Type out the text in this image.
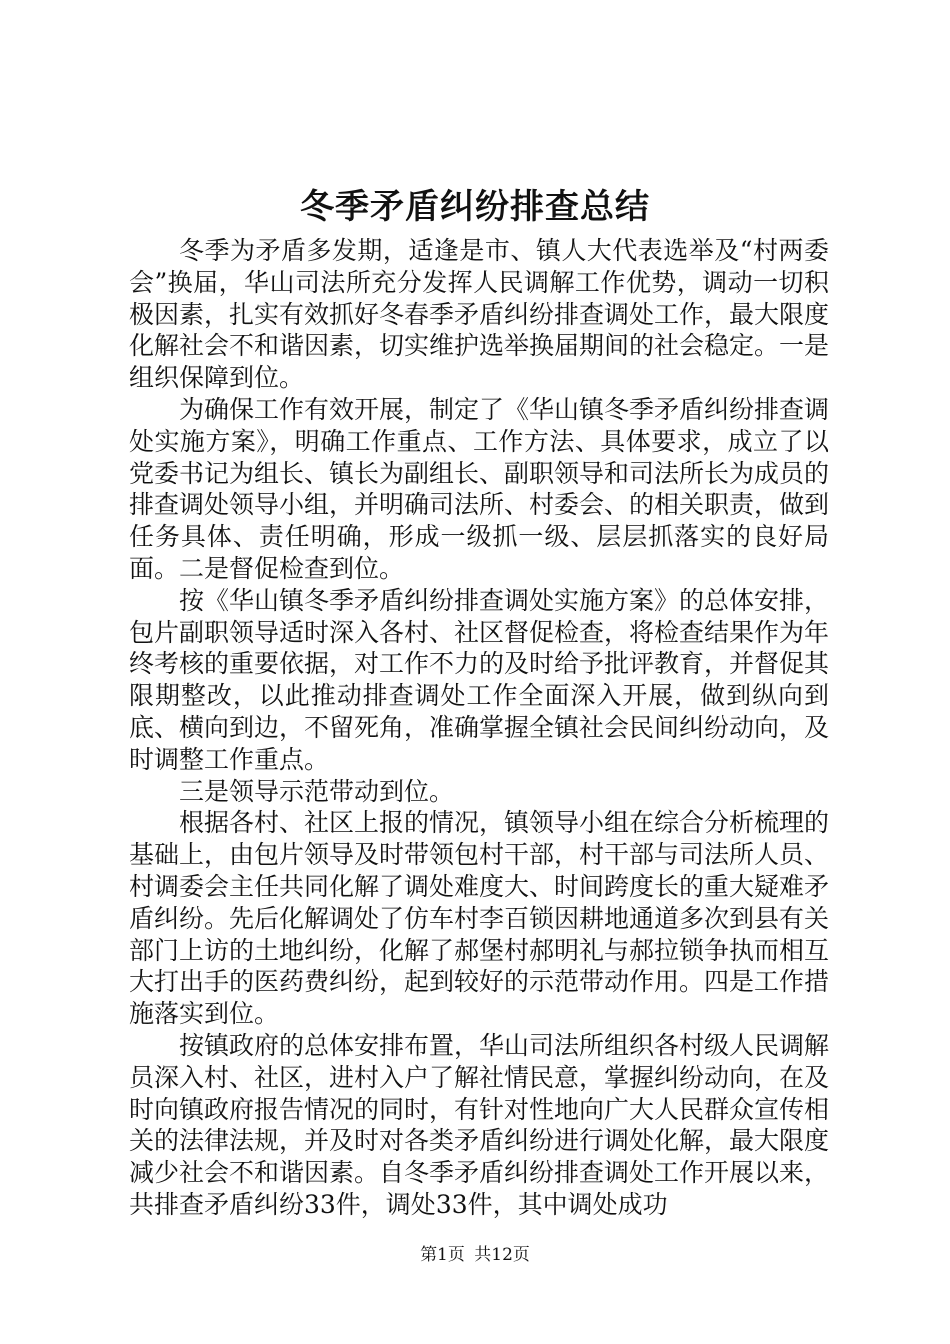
冬季矛盾纠纷排查总结

冬季为矛盾多发期，适逢是市、镇人大代表选举及“村两委会”换届，华山司法所充分发挥人民调解工作优势，调动一切积极因素，扎实有效抓好冬春季矛盾纠纷排查调处工作，最大限度化解社会不和谐因素，切实维护选举换届期间的社会稳定。一是组织保障到位。

为确保工作有效开展，制定了《华山镇冬季矛盾纠纷排查调处实施方案》，明确工作重点、工作方法、具体要求，成立了以党委书记为组长、镇长为副组长、副职领导和司法所长为成员的排查调处领导小组，并明确司法所、村委会、的相关职责，做到任务具体、责任明确，形成一级抓一级、层层抓落实的良好局面。二是督促检查到位。

按《华山镇冬季矛盾纠纷排查调处实施方案》的总体安排，包片副职领导适时深入各村、社区督促检查，将检查结果作为年终考核的重要依据，对工作不力的及时给予批评教育，并督促其限期整改，以此推动排查调处工作全面深入开展，做到纵向到底、横向到边，不留死角，准确掌握全镇社会民间纠纷动向，及时调整工作重点。

三是领导示范带动到位。

根据各村、社区上报的情况，镇领导小组在综合分析梳理的基础上，由包片领导及时带领包村干部，村干部与司法所人员、村调委会主任共同化解了调处难度大、时间跨度长的重大疑难矛盾纠纷。先后化解调处了仿车村李百锁因耕地通道多次到县有关部门上访的土地纠纷，化解了郝堡村郝明礼与郝拉锁争执而相互大打出手的医药费纠纷，起到较好的示范带动作用。四是工作措施落实到位。

按镇政府的总体安排布置，华山司法所组织各村级人民调解员深入村、社区，进村入户了解社情民意，掌握纠纷动向，在及时向镇政府报告情况的同时，有针对性地向广大人民群众宣传相关的法律法规，并及时对各类矛盾纠纷进行调处化解，最大限度减少社会不和谐因素。自冬季矛盾纠纷排查调处工作开展以来，共排查矛盾纠纷33件，调处33件，其中调处成功

第1页 共12页
